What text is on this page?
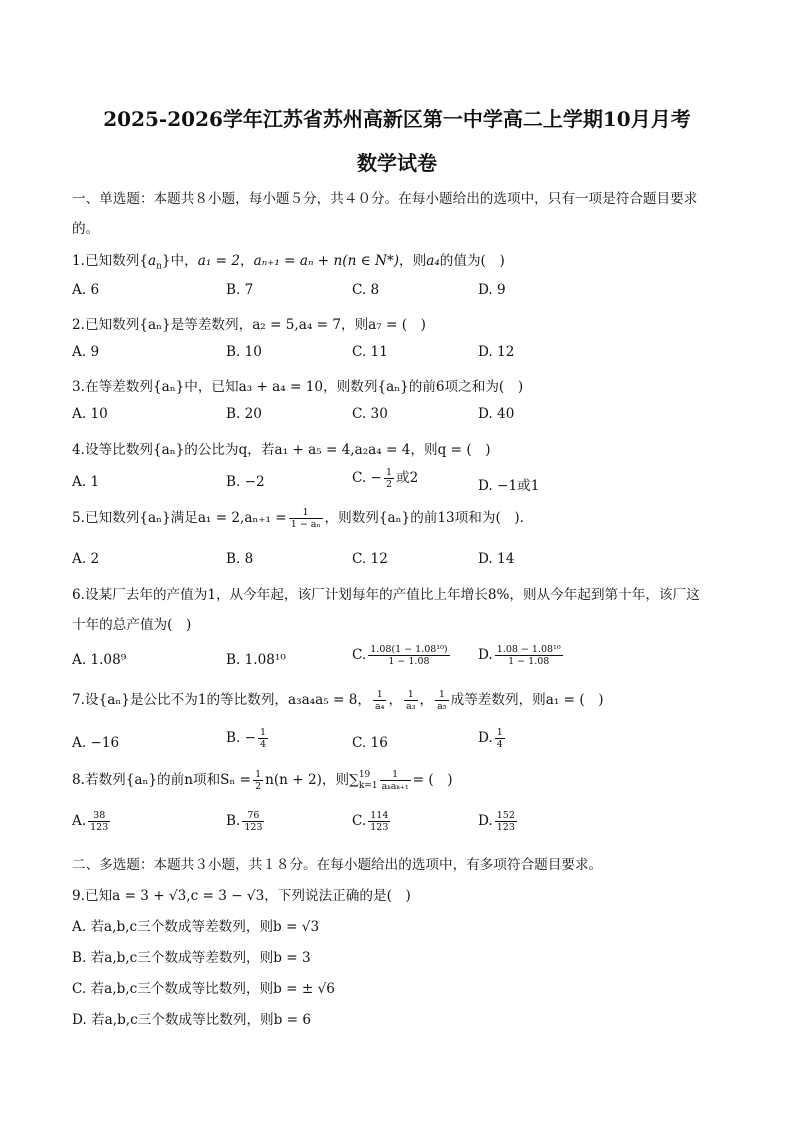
2025-2026学年江苏省苏州高新区第一中学高二上学期10月月考
数学试卷
一、单选题：本题共８小题，每小题５分，共４０分。在每小题给出的选项中，只有一项是符合题目要求
的。
1.已知数列$\{a_n\}$中，a₁ = 2，aₙ₊₁ = aₙ + n(n ∈ N*)，则a₄的值为(　)
A. 6	B. 7	C. 8	D. 9
2.已知数列{aₙ}是等差数列，a₂ = 5,a₄ = 7，则a₇ = (　)
A. 9	B. 10	C. 11	D. 12
3.在等差数列{aₙ}中，已知a₃ + a₄ = 10，则数列{aₙ}的前6项之和为(　)
A. 10	B. 20	C. 30	D. 40
4.设等比数列{aₙ}的公比为q，若a₁ + a₅ = 4,a₂a₄ = 4，则q = (　)
A. 1	B. −2	C. − $\frac{1}{2}$ 或2	D. −1或1
5.已知数列{aₙ}满足$a_1 = 2,a_{n+1} = \frac{1}{\text{1 − aₙ}}$ ，则数列{aₙ}的前13项和为(　).
A. 2	B. 8	C. 12	D. 14
6.设某厂去年的产值为1，从今年起，该厂计划每年的产值比上年增长8%，则从今年起到第十年，该厂这
十年的总产值为(　)
A. 1.08⁹	B. 1.08¹⁰	C. $\frac{\text{1.08(1 − 1.08¹⁰)}}{1 - 1.08} D$. $\frac{\text{1.08 − 1.08¹⁰}}{1 - 1.08}$
7.设{aₙ}是公比不为1的等比数列，a₃a₄a₅ = 8， $\frac{1}{\text{a₄}}$ ， $\frac{1}{\text{a₃}}$ ， $\frac{1}{\text{a₅}}$ 成等差数列，则a₁ = (　)
A. −16	B. − $\frac{1}{4}$	C. 16	D. $\frac{1}{4}$
8.若数列{aₙ}的前n项和$S_n = \frac{1}{2} n(n + 2)$，则∑ 19
$k=1 \frac{1}{\text{aₖaₖ₊₁}}$ = (　)
A. $\frac{38}{123}$	B. $\frac{76}{123}$	C. $\frac{114}{123}$	D. $\frac{152}{123}$
二、多选题：本题共３小题，共１８分。在每小题给出的选项中，有多项符合题目要求。
9.已知a = 3 + √3,c = 3 − √3，下列说法正确的是(　)
A. 若a,b,c三个数成等差数列，则b = √3
B. 若a,b,c三个数成等差数列，则b = 3
C. 若a,b,c三个数成等比数列，则b = ± √6
D. 若a,b,c三个数成等比数列，则b = 6
